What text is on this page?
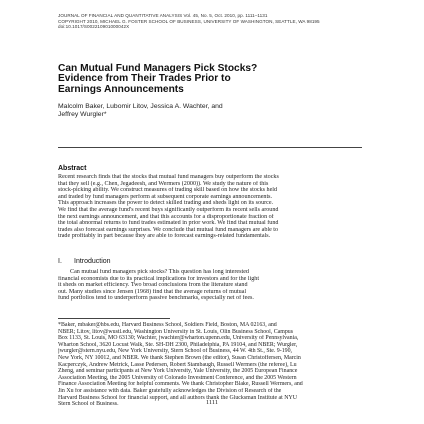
JOURNAL OF FINANCIAL AND QUANTITATIVE ANALYSIS Vol. 45, No. 5, Oct. 2010, pp. 1111–1131
COPYRIGHT 2010, MICHAEL G. FOSTER SCHOOL OF BUSINESS, UNIVERSITY OF WASHINGTON, SEATTLE, WA 98195
doi:10.1017/S002210901000042X
Can Mutual Fund Managers Pick Stocks?
Evidence from Their Trades Prior to
Earnings Announcements
Malcolm Baker, Lubomir Litov, Jessica A. Wachter, and
Jeffrey Wurgler*
Abstract
Recent research finds that the stocks that mutual fund managers buy outperform the stocks
that they sell (e.g., Chen, Jegadeesh, and Wermers (2000)). We study the nature of this
stock-picking ability. We construct measures of trading skill based on how the stocks held
and traded by fund managers perform at subsequent corporate earnings announcements.
This approach increases the power to detect skilled trading and sheds light on its source.
We find that the average fund's recent buys significantly outperform its recent sells around
the next earnings announcement, and that this accounts for a disproportionate fraction of
the total abnormal returns to fund trades estimated in prior work. We find that mutual fund
trades also forecast earnings surprises. We conclude that mutual fund managers are able to
trade profitably in part because they are able to forecast earnings-related fundamentals.
I. Introduction
Can mutual fund managers pick stocks? This question has long interested
financial economists due to its practical implications for investors and for the light
it sheds on market efficiency. Two broad conclusions from the literature stand
out. Many studies since Jensen (1968) find that the average returns of mutual
fund portfolios tend to underperform passive benchmarks, especially net of fees.
*Baker, mbaker@hbs.edu, Harvard Business School, Soldiers Field, Boston, MA 02163, and
NBER; Litov, litov@wustl.edu, Washington University in St. Louis, Olin Business School, Campus
Box 1133, St. Louis, MO 63130; Wachter, jwachter@wharton.upenn.edu, University of Pennsylvania,
Wharton School, 3620 Locust Walk, Ste. SH-DH 2300, Philadelphia, PA 19104, and NBER; Wurgler,
jwurgler@stern.nyu.edu, New York University, Stern School of Business, 44 W. 4th St., Ste. 9-190,
New York, NY 10012, and NBER. We thank Stephen Brown (the editor), Susan Christoffersen, Marcin
Kacperczyk, Andrew Metrick, Lasse Pedersen, Robert Stambaugh, Russell Wermers (the referee), Lu
Zheng, and seminar participants at New York University, Yale University, the 2005 European Finance
Association Meeting, the 2005 University of Colorado Investment Conference, and the 2005 Western
Finance Association Meeting for helpful comments. We thank Christopher Blake, Russell Wermers, and
Jin Xu for assistance with data. Baker gratefully acknowledges the Division of Research of the
Harvard Business School for financial support, and all authors thank the Glucksman Institute at NYU
Stern School of Business.	1111
